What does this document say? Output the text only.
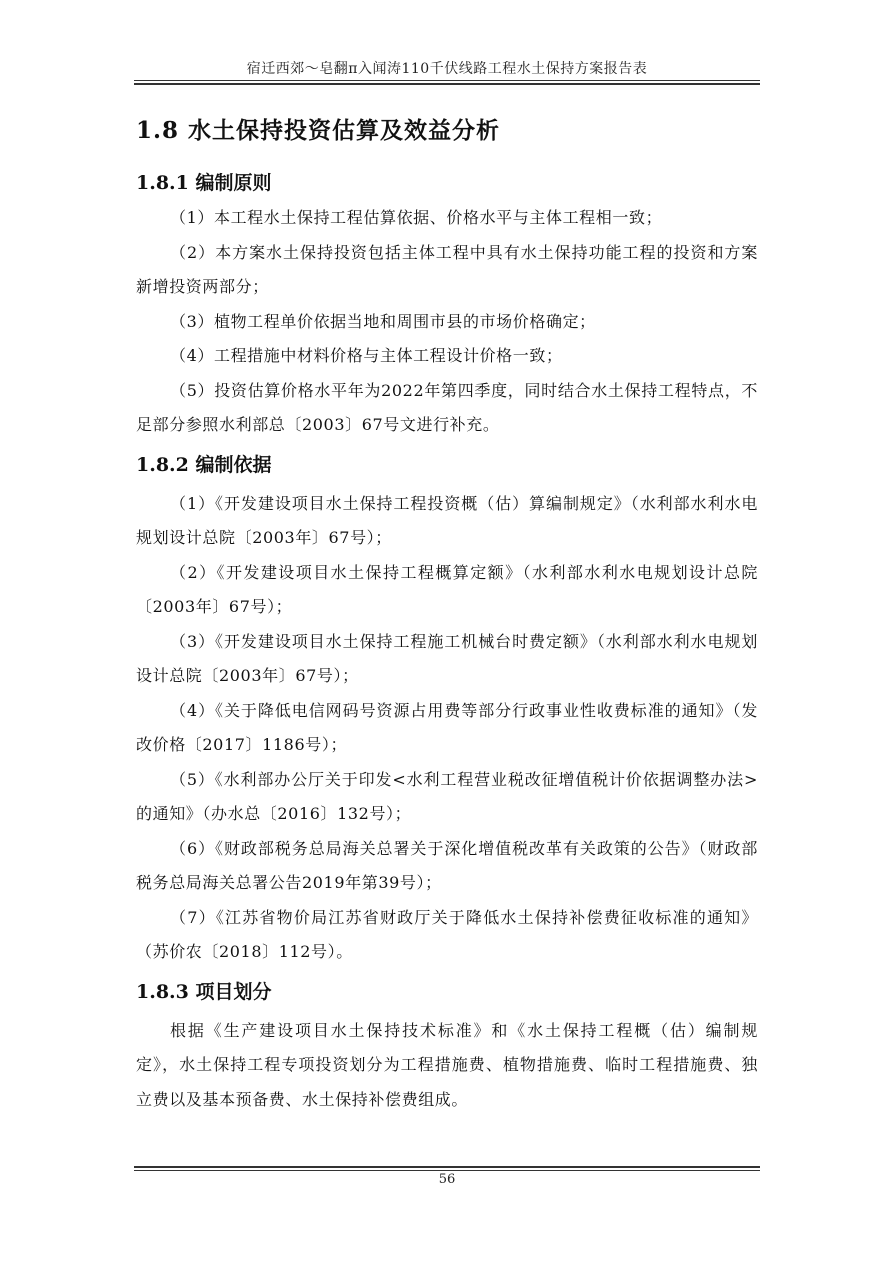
宿迁西郊～皂翻π入闻涛110千伏线路工程水土保持方案报告表
1.8 水土保持投资估算及效益分析
1.8.1 编制原则

（1）本工程水土保持工程估算依据、价格水平与主体工程相一致；

（2）本方案水土保持投资包括主体工程中具有水土保持功能工程的投资和方案新增投资两部分；

（3）植物工程单价依据当地和周围市县的市场价格确定；

（4）工程措施中材料价格与主体工程设计价格一致；

（5）投资估算价格水平年为2022年第四季度，同时结合水土保持工程特点，不足部分参照水利部总〔2003〕67号文进行补充。

1.8.2 编制依据

（1）《开发建设项目水土保持工程投资概（估）算编制规定》（水利部水利水电规划设计总院〔2003年〕67号）；

（2）《开发建设项目水土保持工程概算定额》（水利部水利水电规划设计总院〔2003年〕67号）；

（3）《开发建设项目水土保持工程施工机械台时费定额》（水利部水利水电规划设计总院〔2003年〕67号）；

（4）《关于降低电信网码号资源占用费等部分行政事业性收费标准的通知》（发改价格〔2017〕1186号）；

（5）《水利部办公厅关于印发<水利工程营业税改征增值税计价依据调整办法>的通知》（办水总〔2016〕132号）；

（6）《财政部税务总局海关总署关于深化增值税改革有关政策的公告》（财政部税务总局海关总署公告2019年第39号）；

（7）《江苏省物价局江苏省财政厅关于降低水土保持补偿费征收标准的通知》（苏价农〔2018〕112号）。

1.8.3 项目划分

根据《生产建设项目水土保持技术标准》和《水土保持工程概（估）编制规定》，水土保持工程专项投资划分为工程措施费、植物措施费、临时工程措施费、独立费以及基本预备费、水土保持补偿费组成。

56
